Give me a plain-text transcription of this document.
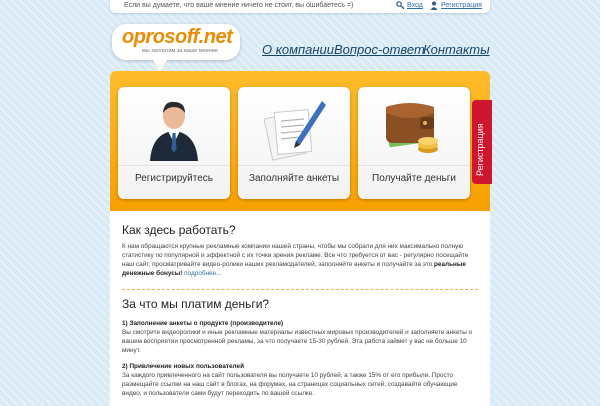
Если вы думаете, что ваше мнение ничего не стоит, вы ошибаетесь =)	Вход	Регистрация
oprosoff.net
мы заплатим за ваше мнение	О компании Вопрос-ответ
Контакты
Регистрируйтесь	Заполняйте анкеты	Получайте деньги
Регистрация
Как здесь работать?

К нам обращаются крупные рекламные компании нашей страны, чтобы мы собрали для них максимально полную статистику по популярной и эффектной с их точки зрения рекламе. Все что требуется от вас - регулярно посещайте наш сайт, просматривайте видео-ролики наших рекламодателей, заполняйте анкеты и получайте за это реальные денежные бонусы! подробнее...

За что мы платим деньги?

1) Заполнение анкеты о продукте (производителе)

Вы смотрите видеоролики и иные рекламные материалы известных мировых производителей и заполняете анкеты о вашем восприятии просмотренной рекламы, за что получаете 15-30 рублей. Эта работа займет у вас не больше 10 минут.

2) Привлечение новых пользователей

За каждого привлеченного на сайт пользователя вы получаете 10 рублей, а также 15% от его прибыли. Просто размещайте ссылки на наш сайт в блогах, на форумах, на страницах социальных сетей, создавайте обучающие видео, и пользователи сами будут переходить по вашей ссылке.
